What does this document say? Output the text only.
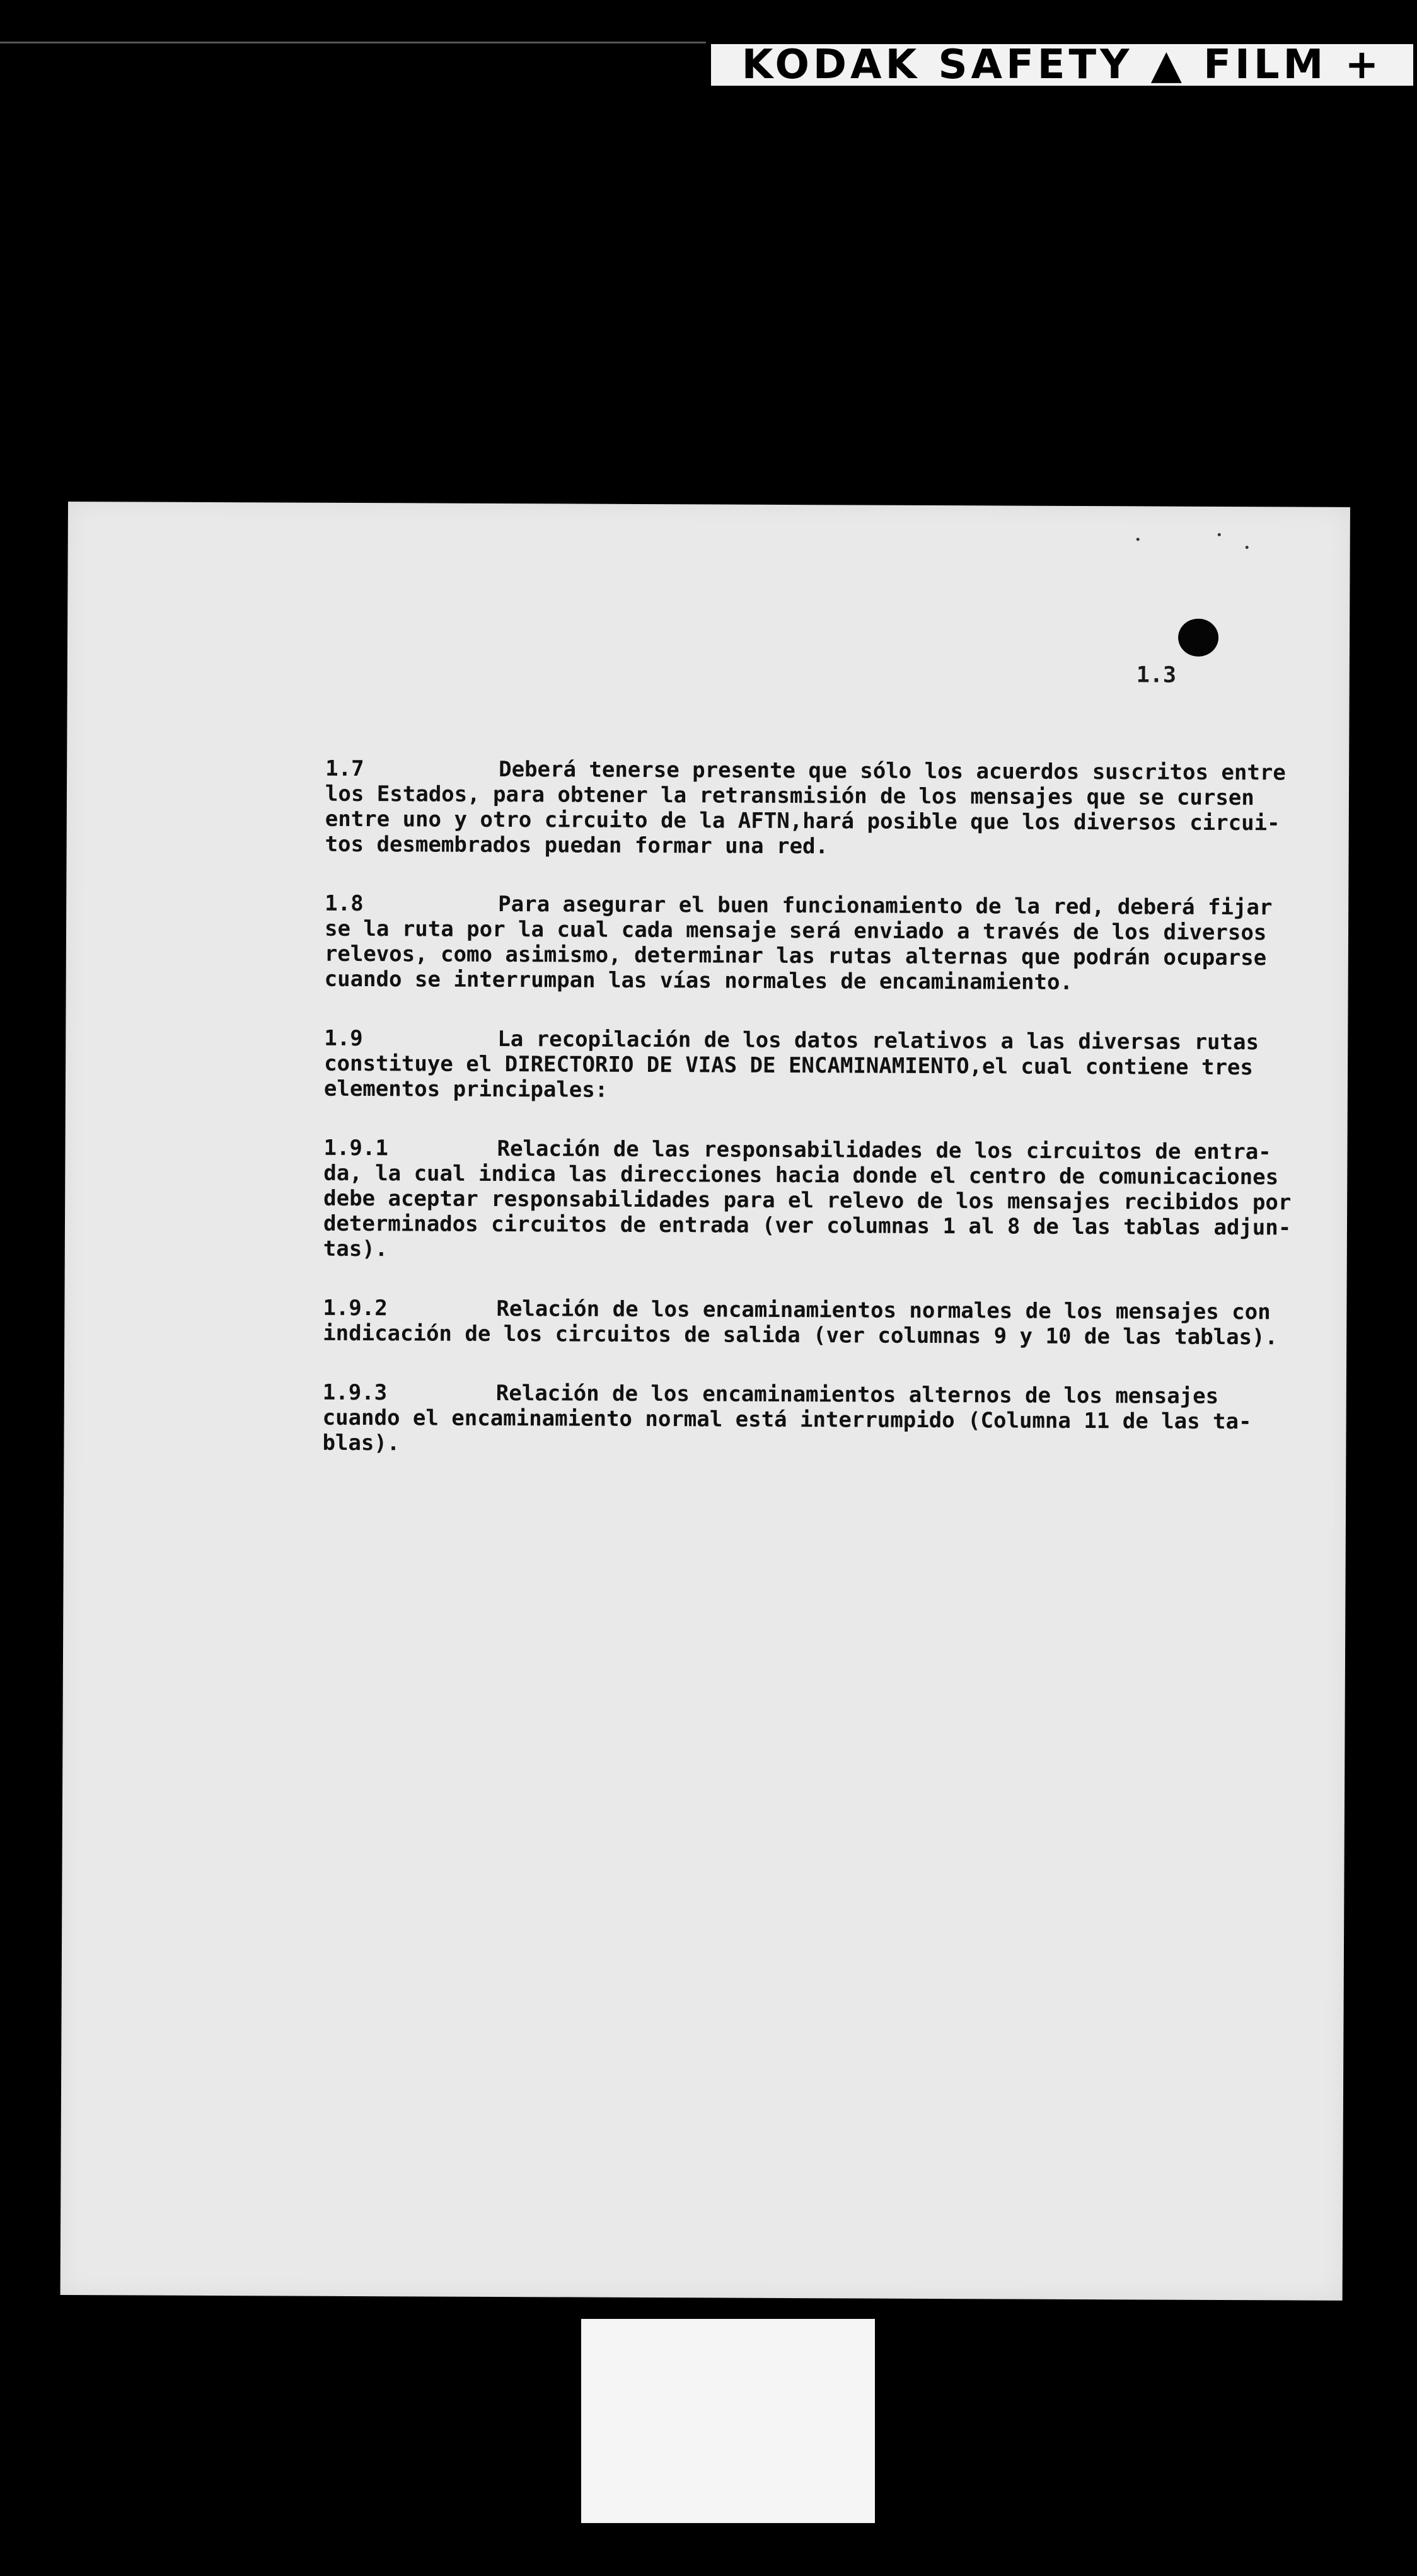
KODAK SAFETY ▲ FILM +
1.3
1.7	Deberá tenerse presente que sólo los acuerdos suscritos entre
los Estados, para obtener la retransmisión de los mensajes que se cursen
entre uno y otro circuito de la AFTN,hará posible que los diversos circui-
tos desmembrados puedan formar una red.
1.8	Para asegurar el buen funcionamiento de la red, deberá fijar
se la ruta por la cual cada mensaje será enviado a través de los diversos
relevos, como asimismo, determinar las rutas alternas que podrán ocuparse
cuando se interrumpan las vías normales de encaminamiento.
1.9	La recopilación de los datos relativos a las diversas rutas
constituye el DIRECTORIO DE VIAS DE ENCAMINAMIENTO,el cual contiene tres
elementos principales:
1.9.1	Relación de las responsabilidades de los circuitos de entra-
da, la cual indica las direcciones hacia donde el centro de comunicaciones
debe aceptar responsabilidades para el relevo de los mensajes recibidos por
determinados circuitos de entrada (ver columnas 1 al 8 de las tablas adjun-
tas).
1.9.2	Relación de los encaminamientos normales de los mensajes con
indicación de los circuitos de salida (ver columnas 9 y 10 de las tablas).
1.9.3	Relación de los encaminamientos alternos de los mensajes
cuando el encaminamiento normal está interrumpido (Columna 11 de las ta-
blas).
